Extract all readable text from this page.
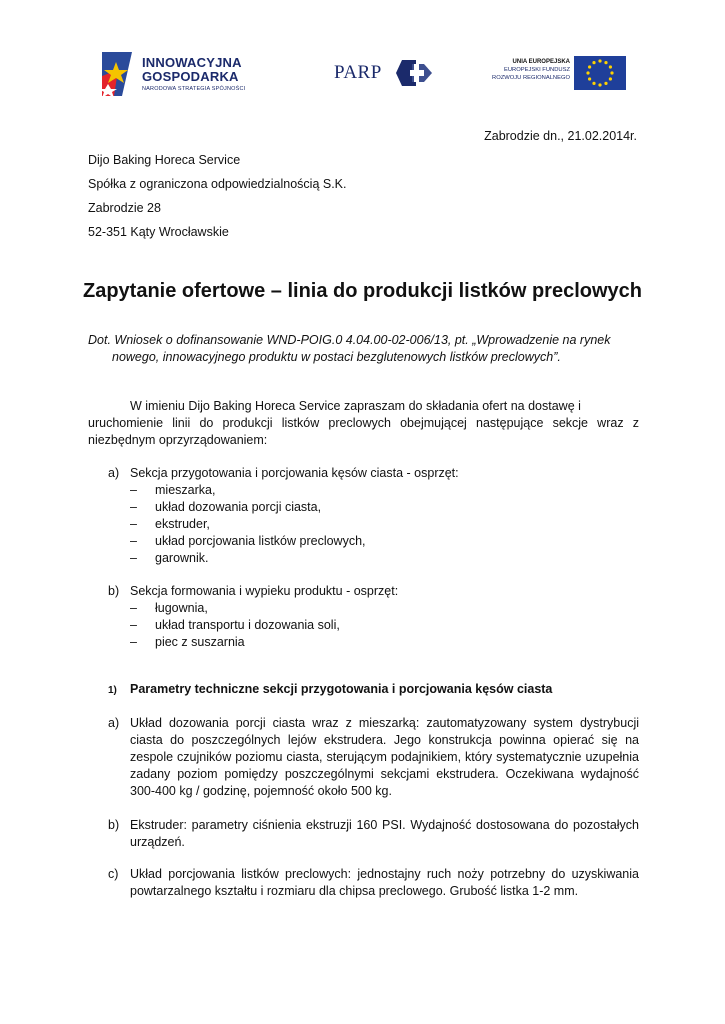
INNOWACYJNA
GOSPODARKA
NARODOWA STRATEGIA SPÓJNOŚCI
PARP	UNIA EUROPEJSKA
EUROPEJSKI FUNDUSZ
ROZWOJU REGIONALNEGO
Zabrodzie dn., 21.02.2014r.
Dijo Baking Horeca Service
Spółka z ograniczona odpowiedzialnością S.K.
Zabrodzie 28
52-351 Kąty Wrocławskie
Zapytanie ofertowe – linia do produkcji listków preclowych
Dot. Wniosek o dofinansowanie WND-POIG.0 4.04.00-02-006/13, pt. „Wprowadzenie na rynek
nowego, innowacyjnego produktu w postaci bezglutenowych listków preclowych”.
W imieniu Dijo Baking Horeca Service zapraszam do składania ofert na dostawę i
uruchomienie linii do produkcji listków preclowych obejmującej następujące sekcje wraz z niezbędnym oprzyrządowaniem:
a) Sekcja przygotowania i porcjowania kęsów ciasta - osprzęt:
– mieszarka,
– układ dozowania porcji ciasta,
– ekstruder,
– układ porcjowania listków preclowych,
– garownik.
b) Sekcja formowania i wypieku produktu - osprzęt:
– ługownia,
– układ transportu i dozowania soli,
– piec z suszarnia
1) Parametry techniczne sekcji przygotowania i porcjowania kęsów ciasta
a) Układ dozowania porcji ciasta wraz z mieszarką: zautomatyzowany system dystrybucji ciasta do poszczególnych lejów ekstrudera. Jego konstrukcja powinna opierać się na zespole czujników poziomu ciasta, sterującym podajnikiem, który systematycznie uzupełnia zadany poziom pomiędzy poszczególnymi sekcjami ekstrudera. Oczekiwana wydajność 300-400 kg / godzinę, pojemność około 500 kg.
b) Ekstruder: parametry ciśnienia ekstruzji 160 PSI. Wydajność dostosowana do pozostałych urządzeń.
c) Układ porcjowania listków preclowych: jednostajny ruch noży potrzebny do uzyskiwania powtarzalnego kształtu i rozmiaru dla chipsa preclowego. Grubość listka 1-2 mm.
